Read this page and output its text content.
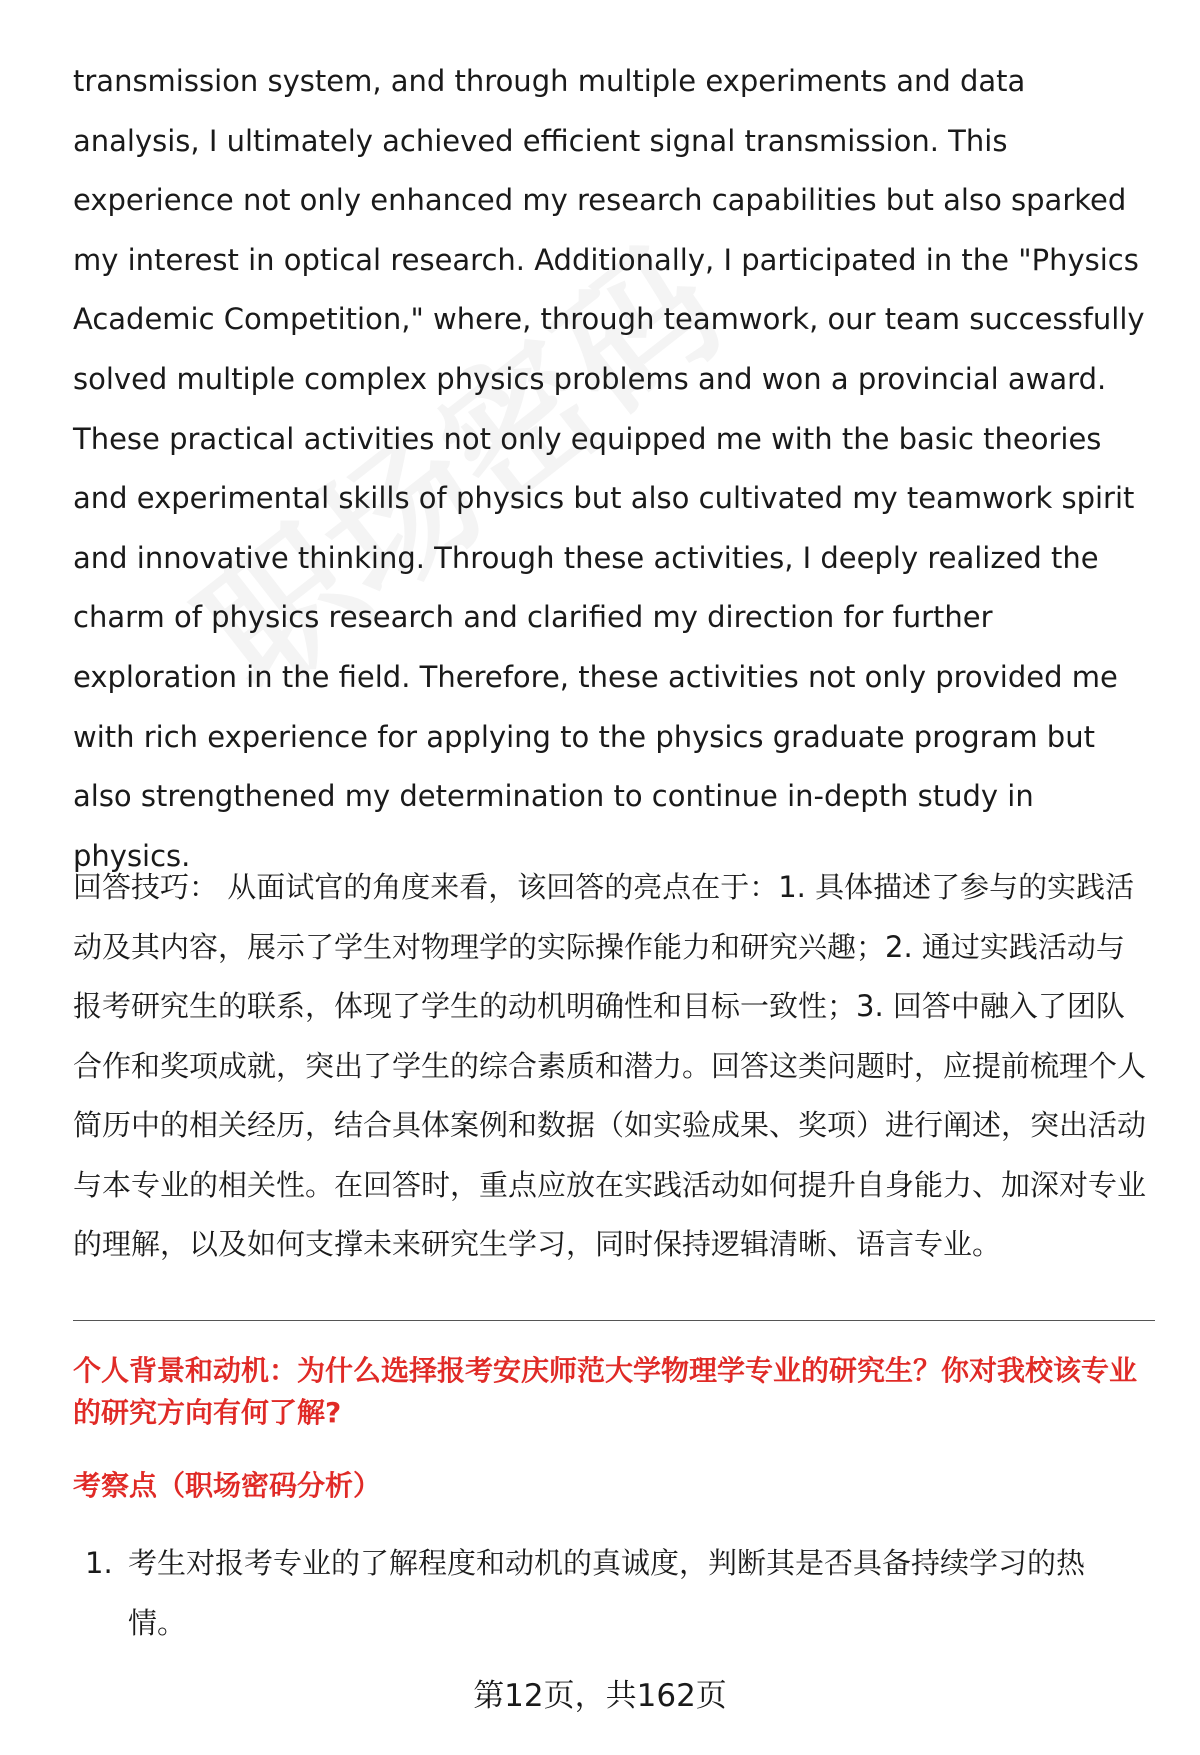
transmission system, and through multiple experiments and data analysis, I ultimately achieved efficient signal transmission. This experience not only enhanced my research capabilities but also sparked my interest in optical research. Additionally, I participated in the "Physics Academic Competition," where, through teamwork, our team successfully solved multiple complex physics problems and won a provincial award. These practical activities not only equipped me with the basic theories and experimental skills of physics but also cultivated my teamwork spirit and innovative thinking. Through these activities, I deeply realized the charm of physics research and clarified my direction for further exploration in the field. Therefore, these activities not only provided me with rich experience for applying to the physics graduate program but also strengthened my determination to continue in-depth study in physics.

回答技巧： 从面试官的角度来看，该回答的亮点在于：1. 具体描述了参与的实践活动及其内容，展示了学生对物理学的实际操作能力和研究兴趣；2. 通过实践活动与报考研究生的联系，体现了学生的动机明确性和目标一致性；3. 回答中融入了团队合作和奖项成就，突出了学生的综合素质和潜力。回答这类问题时，应提前梳理个人简历中的相关经历，结合具体案例和数据（如实验成果、奖项）进行阐述，突出活动与本专业的相关性。在回答时，重点应放在实践活动如何提升自身能力、加深对专业的理解，以及如何支撑未来研究生学习，同时保持逻辑清晰、语言专业。

个人背景和动机：为什么选择报考安庆师范大学物理学专业的研究生？你对我校该专业的研究方向有何了解?

考察点（职场密码分析）

1. 考生对报考专业的了解程度和动机的真诚度，判断其是否具备持续学习的热情。
第12页，共162页
